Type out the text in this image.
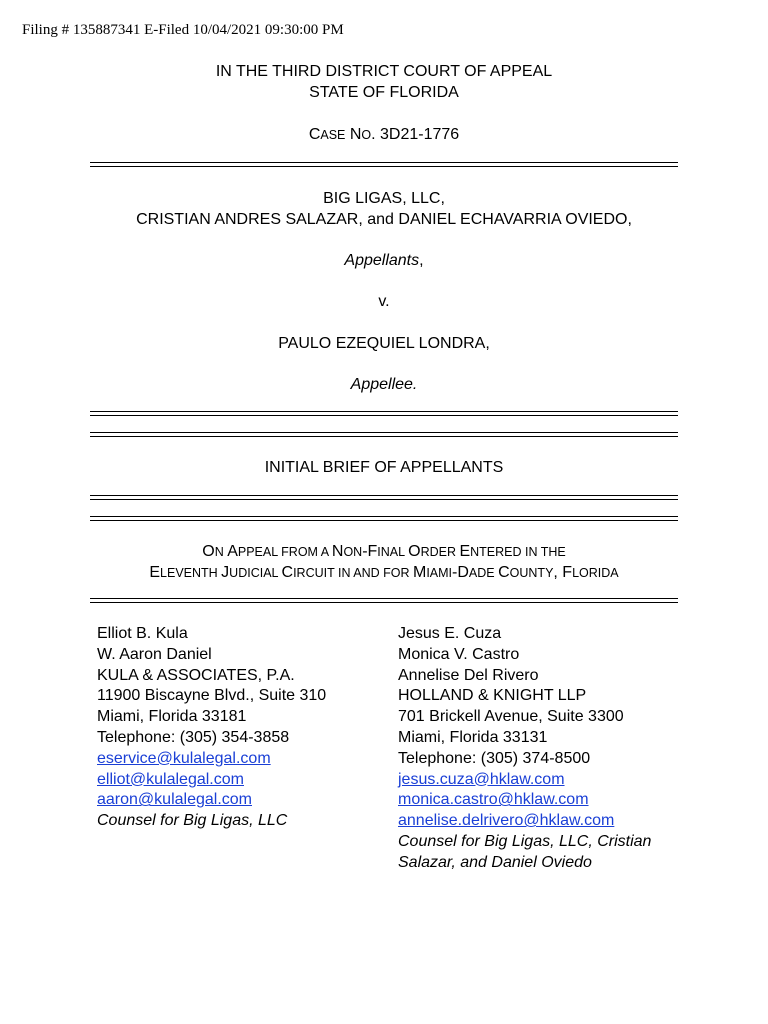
Filing # 135887341 E-Filed 10/04/2021 09:30:00 PM
IN THE THIRD DISTRICT COURT OF APPEAL
STATE OF FLORIDA
CASE NO. 3D21-1776
BIG LIGAS, LLC,
CRISTIAN ANDRES SALAZAR, and DANIEL ECHAVARRIA OVIEDO,
Appellants,
v.
PAULO EZEQUIEL LONDRA,
Appellee.
INITIAL BRIEF OF APPELLANTS
ON APPEAL FROM A NON-FINAL ORDER ENTERED IN THE
ELEVENTH JUDICIAL CIRCUIT IN AND FOR MIAMI-DADE COUNTY, FLORIDA
Elliot B. Kula
W. Aaron Daniel
KULA & ASSOCIATES, P.A.
11900 Biscayne Blvd., Suite 310
Miami, Florida 33181
Telephone: (305) 354-3858
eservice@kulalegal.com
elliot@kulalegal.com
aaron@kulalegal.com
Counsel for Big Ligas, LLC
Jesus E. Cuza
Monica V. Castro
Annelise Del Rivero
HOLLAND & KNIGHT LLP
701 Brickell Avenue, Suite 3300
Miami, Florida 33131
Telephone: (305) 374-8500
jesus.cuza@hklaw.com
monica.castro@hklaw.com
annelise.delrivero@hklaw.com
Counsel for Big Ligas, LLC, Cristian
Salazar, and Daniel Oviedo
